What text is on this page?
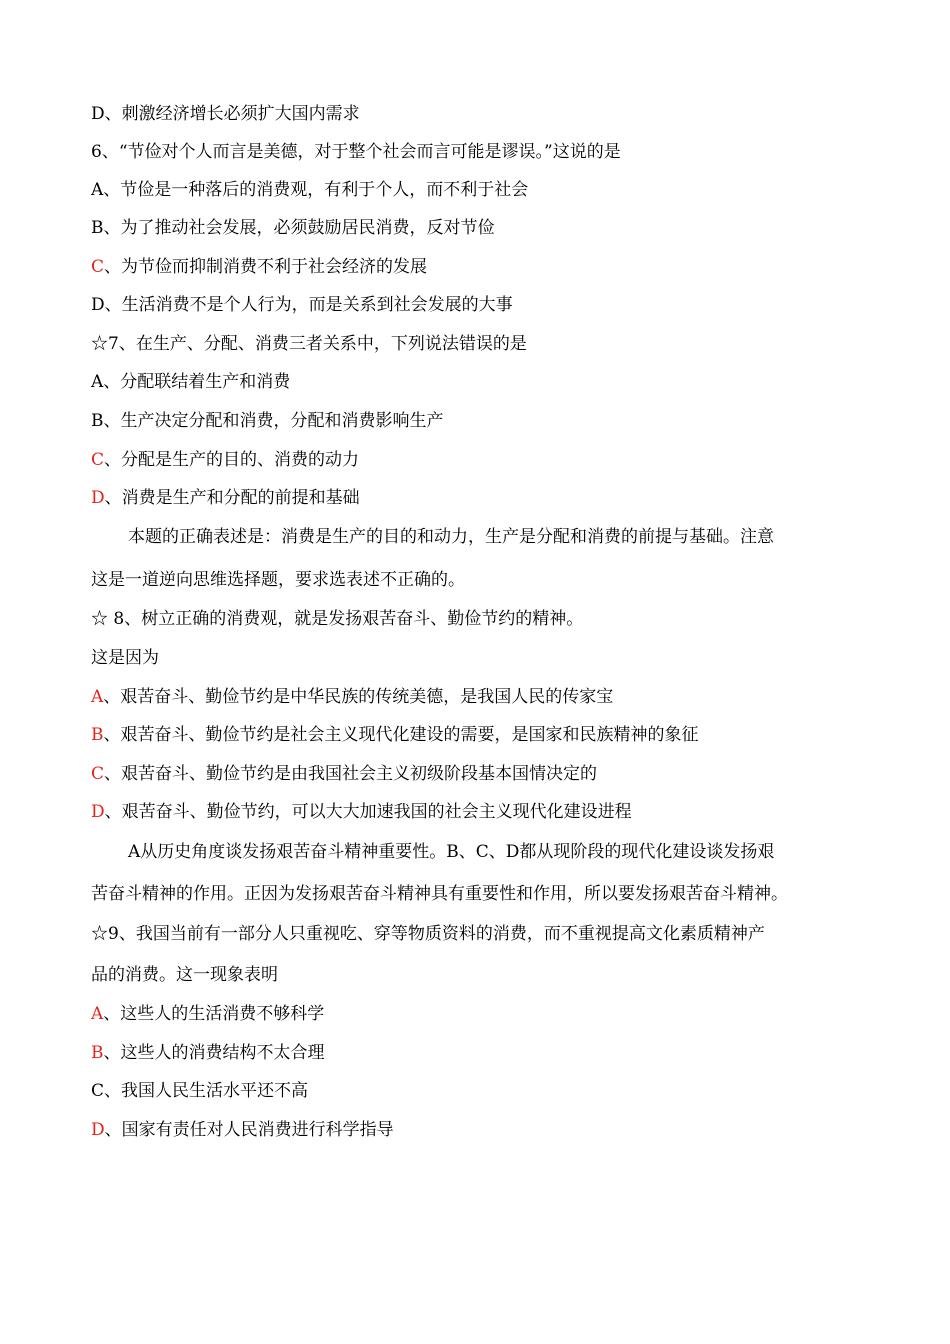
D、刺激经济增长必须扩大国内需求
6、“节俭对个人而言是美德，对于整个社会而言可能是谬误。”这说的是
A、节俭是一种落后的消费观，有利于个人，而不利于社会
B、为了推动社会发展，必须鼓励居民消费，反对节俭
C、为节俭而抑制消费不利于社会经济的发展
D、生活消费不是个人行为，而是关系到社会发展的大事
☆7、在生产、分配、消费三者关系中，下列说法错误的是
A、分配联结着生产和消费
B、生产决定分配和消费，分配和消费影响生产
C、分配是生产的目的、消费的动力
D、消费是生产和分配的前提和基础
本题的正确表述是：消费是生产的目的和动力，生产是分配和消费的前提与基础。注意
这是一道逆向思维选择题，要求选表述不正确的。
☆ 8、树立正确的消费观，就是发扬艰苦奋斗、勤俭节约的精神。
这是因为
A、艰苦奋斗、勤俭节约是中华民族的传统美德，是我国人民的传家宝
B、艰苦奋斗、勤俭节约是社会主义现代化建设的需要，是国家和民族精神的象征
C、艰苦奋斗、勤俭节约是由我国社会主义初级阶段基本国情决定的
D、艰苦奋斗、勤俭节约，可以大大加速我国的社会主义现代化建设进程
A从历史角度谈发扬艰苦奋斗精神重要性。B、C、D都从现阶段的现代化建设谈发扬艰
苦奋斗精神的作用。正因为发扬艰苦奋斗精神具有重要性和作用，所以要发扬艰苦奋斗精神。
☆9、我国当前有一部分人只重视吃、穿等物质资料的消费，而不重视提高文化素质精神产
品的消费。这一现象表明
A、这些人的生活消费不够科学
B、这些人的消费结构不太合理
C、我国人民生活水平还不高
D、国家有责任对人民消费进行科学指导
